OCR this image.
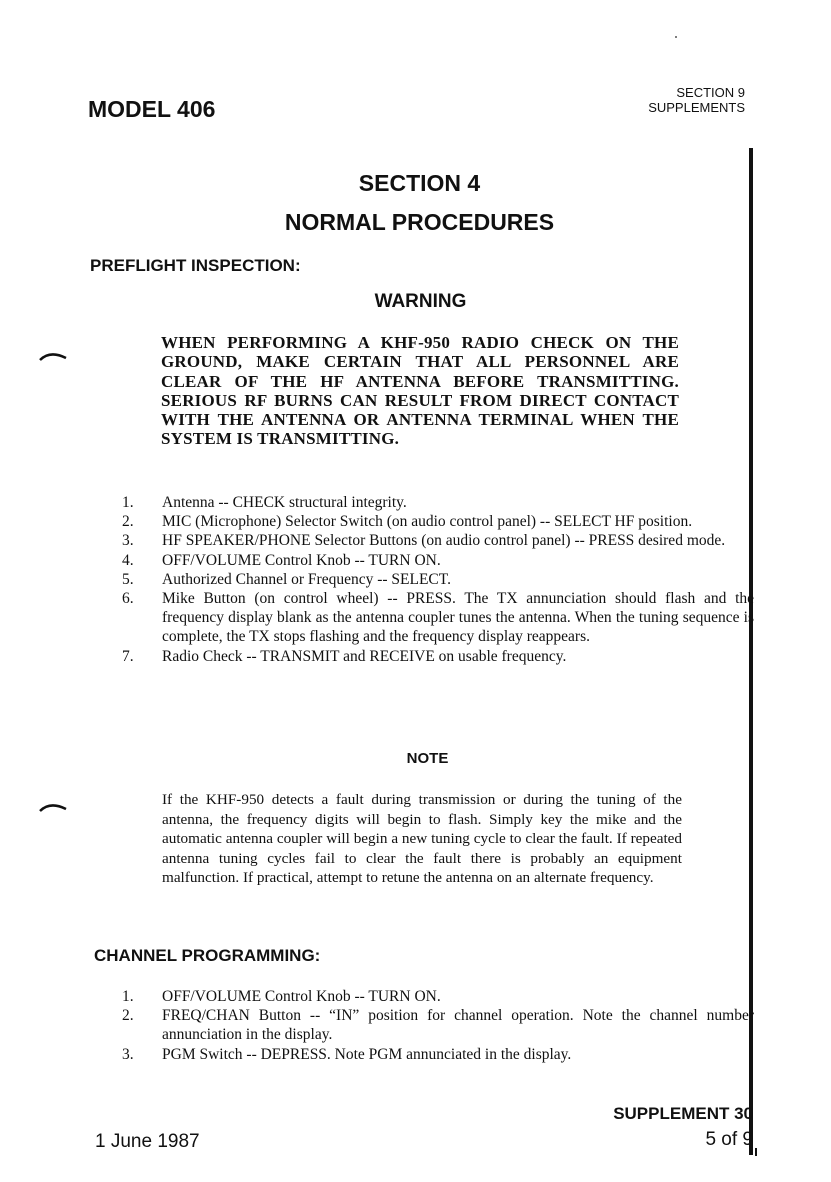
MODEL 406
SECTION 9
SUPPLEMENTS
SECTION 4
NORMAL PROCEDURES
PREFLIGHT INSPECTION:
WARNING
WHEN PERFORMING A KHF-950 RADIO CHECK ON THE GROUND, MAKE CERTAIN THAT ALL PERSONNEL ARE CLEAR OF THE HF ANTENNA BEFORE TRANSMITTING. SERIOUS RF BURNS CAN RESULT FROM DIRECT CONTACT WITH THE ANTENNA OR ANTENNA TERMINAL WHEN THE SYSTEM IS TRANSMITTING.
1. Antenna -- CHECK structural integrity.
2. MIC (Microphone) Selector Switch (on audio control panel) -- SELECT HF position.
3. HF SPEAKER/PHONE Selector Buttons (on audio control panel) -- PRESS desired mode.
4. OFF/VOLUME Control Knob -- TURN ON.
5. Authorized Channel or Frequency -- SELECT.
6. Mike Button (on control wheel) -- PRESS. The TX annunciation should flash and the frequency display blank as the antenna coupler tunes the antenna. When the tuning sequence is complete, the TX stops flashing and the frequency display reappears.
7. Radio Check -- TRANSMIT and RECEIVE on usable frequency.
NOTE
If the KHF-950 detects a fault during transmission or during the tuning of the antenna, the frequency digits will begin to flash. Simply key the mike and the automatic antenna coupler will begin a new tuning cycle to clear the fault. If repeated antenna tuning cycles fail to clear the fault there is probably an equipment malfunction. If practical, attempt to retune the antenna on an alternate frequency.
CHANNEL PROGRAMMING:
1. OFF/VOLUME Control Knob -- TURN ON.
2. FREQ/CHAN Button -- “IN” position for channel operation. Note the channel number annunciation in the display.
3. PGM Switch -- DEPRESS. Note PGM annunciated in the display.
SUPPLEMENT 30
1 June 1987	5 of 9
